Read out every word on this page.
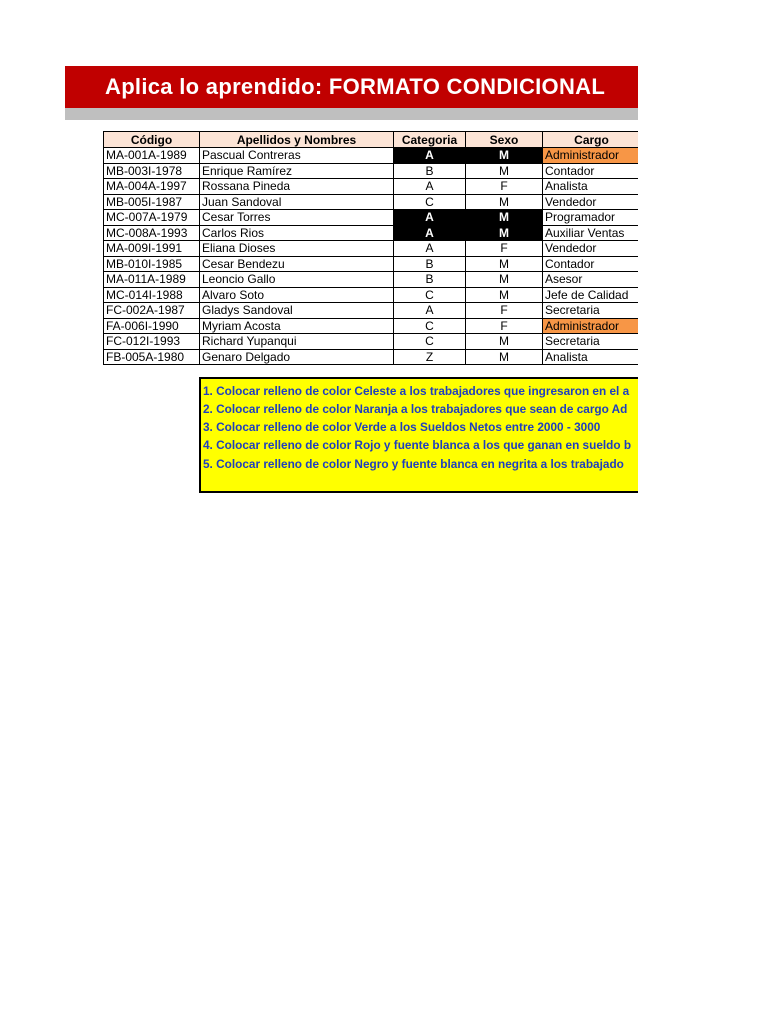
Aplica lo aprendido: FORMATO CONDICIONAL
Código	Apellidos y Nombres	Categoria	Sexo	Cargo
MA-001A-1989	Pascual Contreras	A	M	Administrador
MB-003I-1978	Enrique Ramírez	B	M	Contador
MA-004A-1997	Rossana Pineda	A	F	Analista
MB-005I-1987	Juan Sandoval	C	M	Vendedor
MC-007A-1979	Cesar Torres	A	M	Programador
MC-008A-1993	Carlos Rios	A	M	Auxiliar Ventas
MA-009I-1991	Eliana Dioses	A	F	Vendedor
MB-010I-1985	Cesar Bendezu	B	M	Contador
MA-011A-1989	Leoncio Gallo	B	M	Asesor
MC-014I-1988	Alvaro Soto	C	M	Jefe de Calidad
FC-002A-1987	Gladys Sandoval	A	F	Secretaria
FA-006I-1990	Myriam Acosta	C	F	Administrador
FC-012I-1993	Richard Yupanqui	C	M	Secretaria
FB-005A-1980	Genaro Delgado	Z	M	Analista
1. Colocar relleno de color Celeste a los trabajadores que ingresaron en el a
2. Colocar relleno de color Naranja a los trabajadores que sean de cargo Ad
3. Colocar relleno de color Verde a los Sueldos Netos entre 2000 - 3000
4. Colocar relleno de color Rojo y fuente blanca a los que ganan en sueldo b
5. Colocar relleno de color Negro y fuente blanca en negrita a los trabajado
